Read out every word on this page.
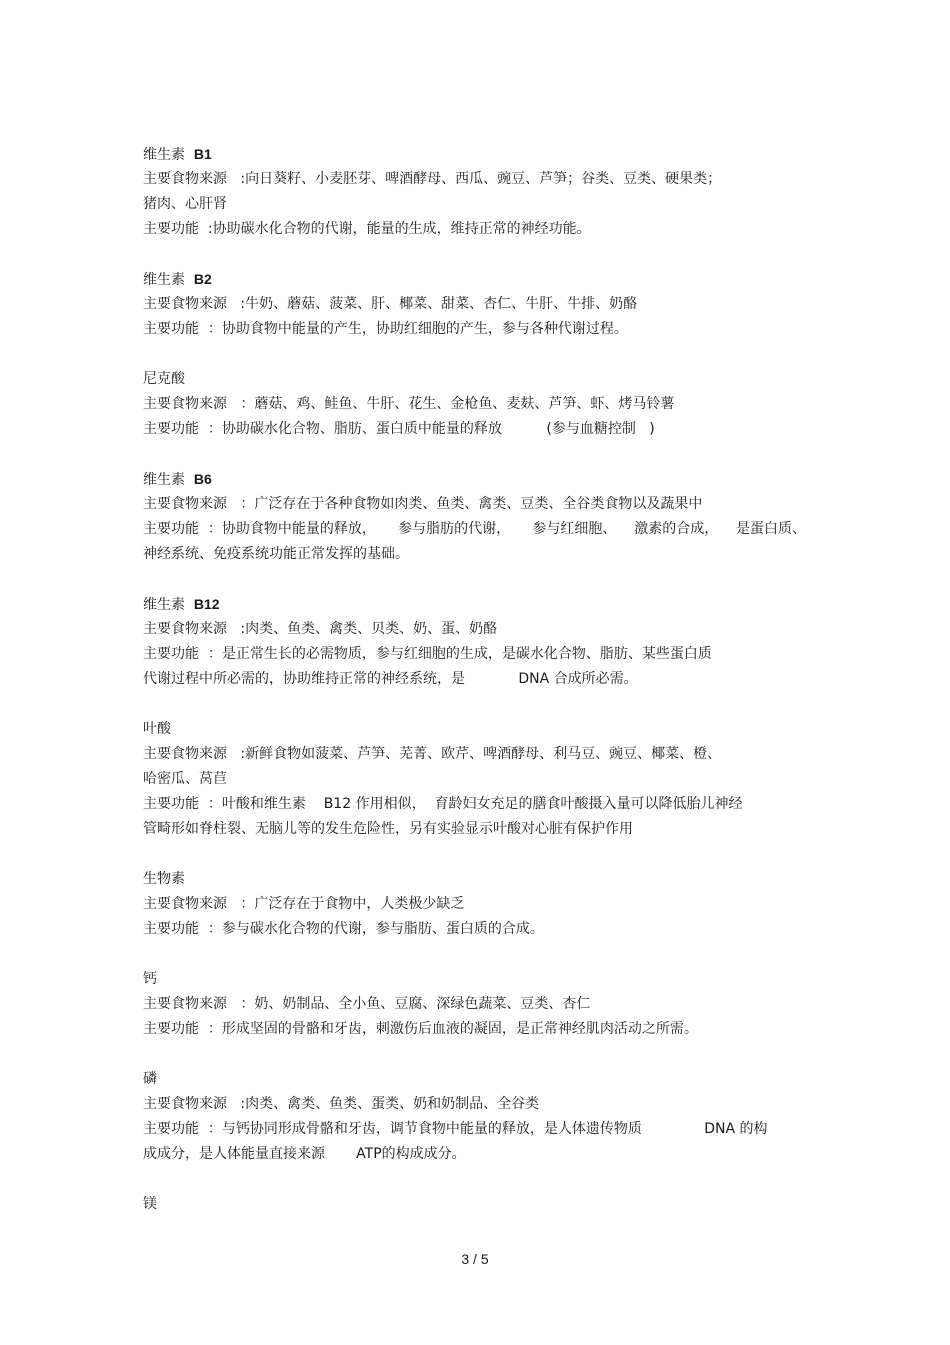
维生素 B1
主要食物来源   :向日葵籽、小麦胚芽、啤酒酵母、西瓜、豌豆、芦笋；谷类、豆类、硬果类；
猪肉、心肝肾
主要功能  :协助碳水化合物的代谢，能量的生成，维持正常的神经功能。
维生素 B2
主要食物来源   :牛奶、蘑菇、菠菜、肝、椰菜、甜菜、杏仁、牛肝、牛排、奶酪
主要功能  ：协助食物中能量的产生，协助红细胞的产生，参与各种代谢过程。
尼克酸
主要食物来源   ：蘑菇、鸡、鲑鱼、牛肝、花生、金枪鱼、麦麸、芦笋、虾、烤马铃薯
主要功能  ：协助碳水化合物、脂肪、蛋白质中能量的释放          (参与血糖控制   )
维生素 B6
主要食物来源   ：广泛存在于各种食物如肉类、鱼类、禽类、豆类、全谷类食物以及蔬果中
主要功能  ：协助食物中能量的释放，     参与脂肪的代谢，     参与红细胞、    激素的合成，    是蛋白质、
神经系统、免疫系统功能正常发挥的基础。
维生素 B12
主要食物来源   :肉类、鱼类、禽类、贝类、奶、蛋、奶酪
主要功能  ：是正常生长的必需物质，参与红细胞的生成，是碳水化合物、脂肪、某些蛋白质
代谢过程中所必需的，协助维持正常的神经系统，是            DNA 合成所必需。
叶酸
主要食物来源   :新鲜食物如菠菜、芦笋、芜菁、欧芹、啤酒酵母、利马豆、豌豆、椰菜、橙、
哈密瓜、莴苣
主要功能  ：叶酸和维生素    B12 作用相似，  育龄妇女充足的膳食叶酸摄入量可以降低胎儿神经
管畸形如脊柱裂、无脑儿等的发生危险性，另有实验显示叶酸对心脏有保护作用
生物素
主要食物来源   ：广泛存在于食物中，人类极少缺乏
主要功能  ：参与碳水化合物的代谢，参与脂肪、蛋白质的合成。
钙
主要食物来源   ：奶、奶制品、全小鱼、豆腐、深绿色蔬菜、豆类、杏仁
主要功能  ：形成坚固的骨骼和牙齿，刺激伤后血液的凝固，是正常神经肌肉活动之所需。
磷
主要食物来源   :肉类、禽类、鱼类、蛋类、奶和奶制品、全谷类
主要功能  ：与钙协同形成骨骼和牙齿，调节食物中能量的释放，是人体遗传物质              DNA 的构
成成分，是人体能量直接来源       ATP的构成成分。
镁
3 / 5
